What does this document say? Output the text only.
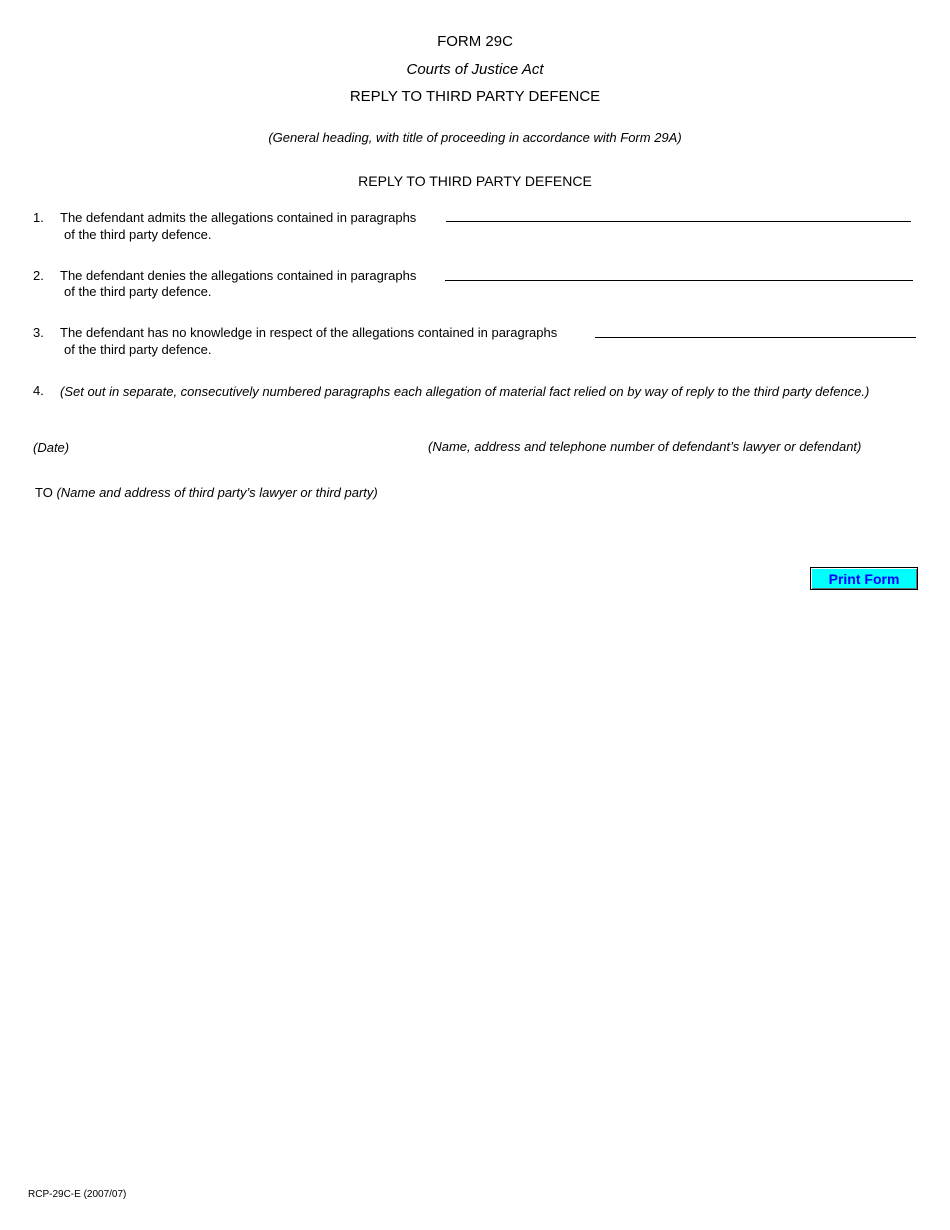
FORM 29C
Courts of Justice Act
REPLY TO THIRD PARTY DEFENCE
(General heading, with title of proceeding in accordance with Form 29A)
REPLY TO THIRD PARTY DEFENCE
1. The defendant admits the allegations contained in paragraphs
of the third party defence.
2. The defendant denies the allegations contained in paragraphs
of the third party defence.
3. The defendant has no knowledge in respect of the allegations contained in paragraphs
of the third party defence.
4. (Set out in separate, consecutively numbered paragraphs each allegation of material fact relied on by way of reply to the third party defence.)
(Date)	(Name, address and telephone number of defendant’s lawyer or defendant)
TO (Name and address of third party’s lawyer or third party)
Print Form
RCP-29C-E (2007/07)
